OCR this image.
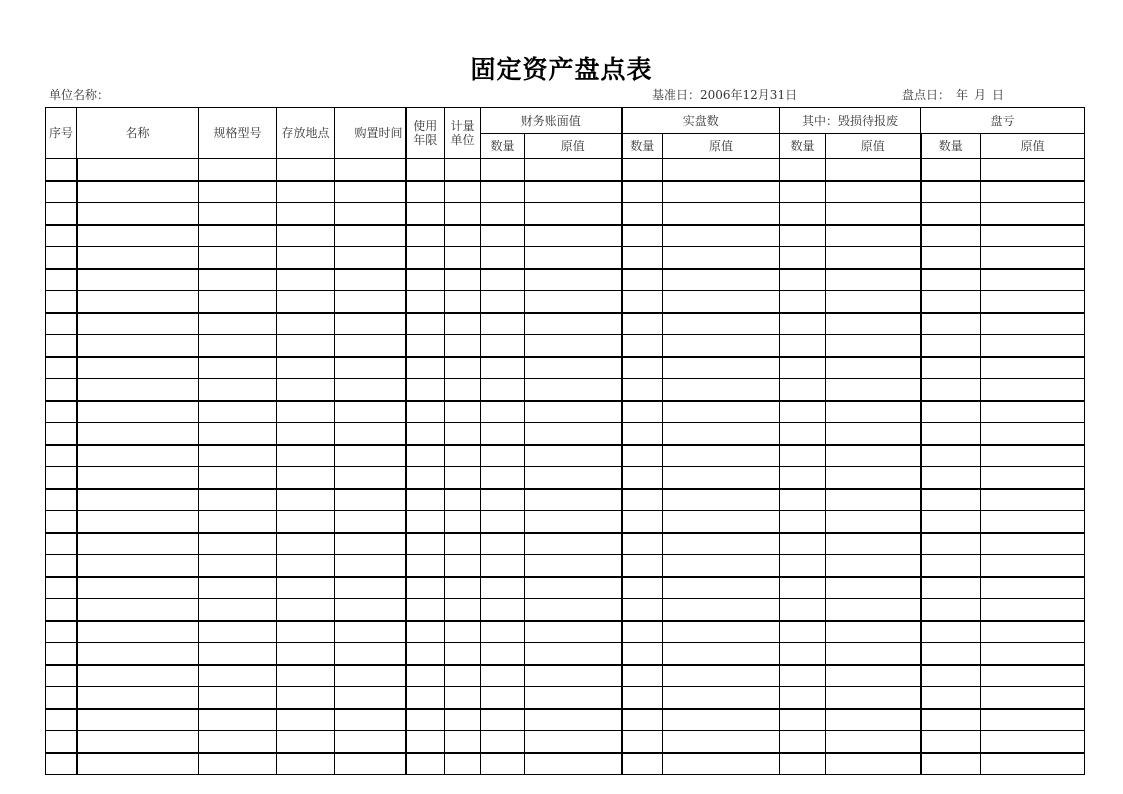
固定资产盘点表
单位名称：	基准日：2006年12月31日	盘点日： 年 月 日
序号	名称	规格型号	存放地点	购置时间	使用年限	计量单位	财务账面值		实盘数		其中：毁损待报废		盘亏	
							数量	原值	数量	原值	数量	原值	数量	原值
